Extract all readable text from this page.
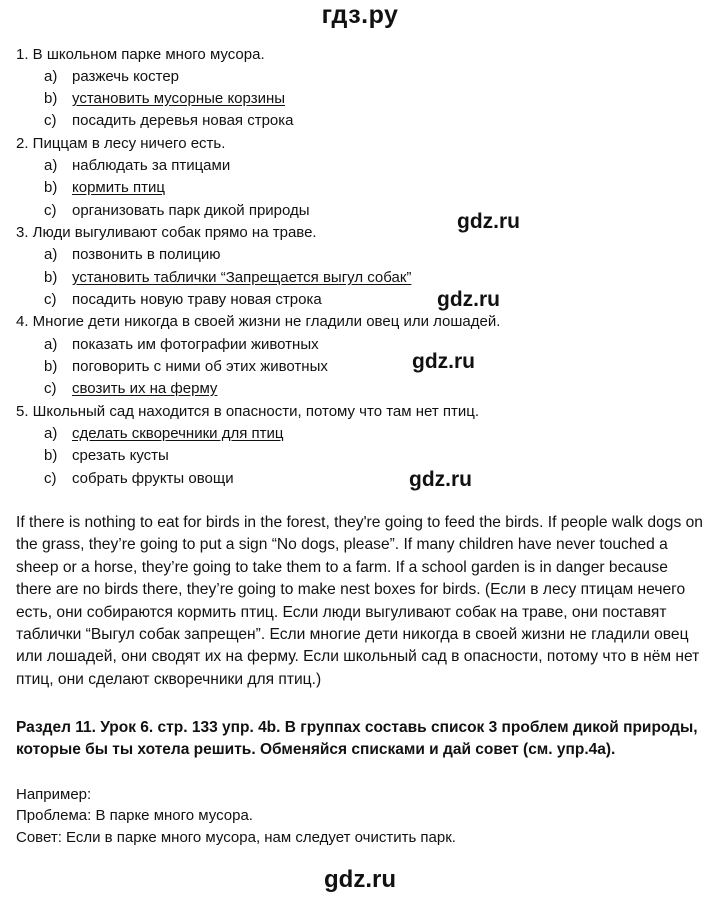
гдз.ру
1. В школьном парке много мусора.
a) разжечь костер
b) установить мусорные корзины
c) посадить деревья новая строка
2. Пиццам в лесу ничего есть.
a) наблюдать за птицами
b) кормить птиц
c) организовать парк дикой природы
3. Люди выгуливают собак прямо на траве.
a) позвонить в полицию
b) установить таблички “Запрещается выгул собак”
c) посадить новую траву новая строка
4. Многие дети никогда в своей жизни не гладили овец или лошадей.
a) показать им фотографии животных
b) поговорить с ними об этих животных
c) свозить их на ферму
5. Школьный сад находится в опасности, потому что там нет птиц.
a) сделать скворечники для птиц
b) срезать кусты
c) собрать фрукты овощи
gdz.ru
gdz.ru
gdz.ru
gdz.ru
If there is nothing to eat for birds in the forest, they're going to feed the birds. If people walk dogs on the grass, they’re going to put a sign “No dogs, please”. If many children have never touched a sheep or a horse, they’re going to take them to a farm. If a school garden is in danger because there are no birds there, they’re going to make nest boxes for birds. (Если в лесу птицам нечего есть, они собираются кормить птиц. Если люди выгуливают собак на траве, они поставят таблички “Выгул собак запрещен”. Если многие дети никогда в своей жизни не гладили овец или лошадей, они сводят их на ферму. Если школьный сад в опасности, потому что в нём нет птиц, они сделают скворечники для птиц.)
Раздел 11. Урок 6. стр. 133 упр. 4b. В группах составь список 3 проблем дикой природы, которые бы ты хотела решить. Обменяйся списками и дай совет (см. упр.4a).
Например:
Проблема: В парке много мусора.
Совет: Если в парке много мусора, нам следует очистить парк.
gdz.ru
